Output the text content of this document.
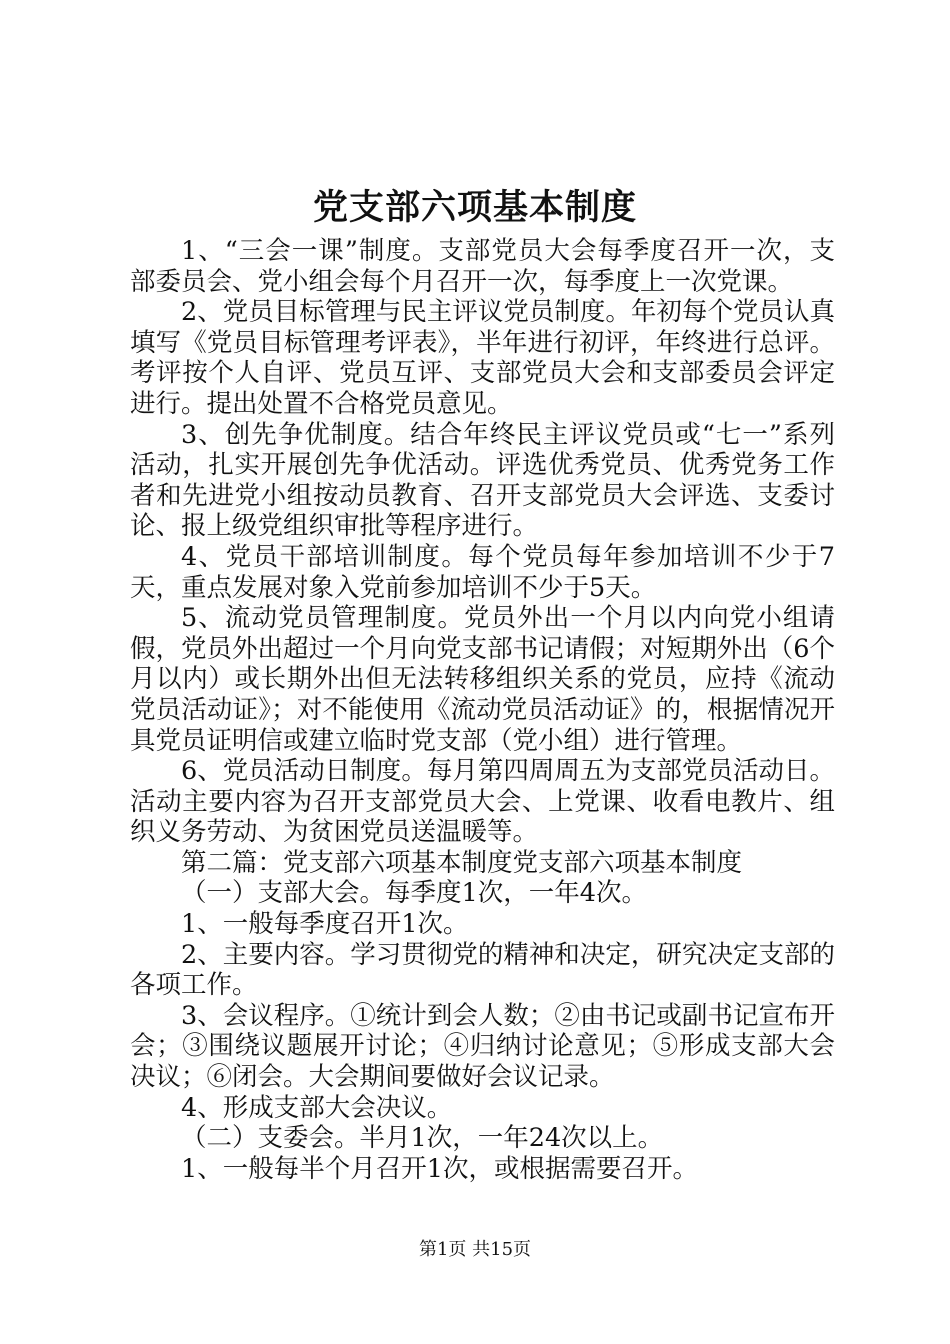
党支部六项基本制度

1、“三会一课”制度。支部党员大会每季度召开一次，支部委员会、党小组会每个月召开一次，每季度上一次党课。

2、党员目标管理与民主评议党员制度。年初每个党员认真填写《党员目标管理考评表》，半年进行初评，年终进行总评。考评按个人自评、党员互评、支部党员大会和支部委员会评定进行。提出处置不合格党员意见。

3、创先争优制度。结合年终民主评议党员或“七一”系列活动，扎实开展创先争优活动。评选优秀党员、优秀党务工作者和先进党小组按动员教育、召开支部党员大会评选、支委讨论、报上级党组织审批等程序进行。

4、党员干部培训制度。每个党员每年参加培训不少于7天，重点发展对象入党前参加培训不少于5天。

5、流动党员管理制度。党员外出一个月以内向党小组请假，党员外出超过一个月向党支部书记请假；对短期外出（6个月以内）或长期外出但无法转移组织关系的党员，应持《流动党员活动证》；对不能使用《流动党员活动证》的，根据情况开具党员证明信或建立临时党支部（党小组）进行管理。

6、党员活动日制度。每月第四周周五为支部党员活动日。活动主要内容为召开支部党员大会、上党课、收看电教片、组织义务劳动、为贫困党员送温暖等。

第二篇：党支部六项基本制度党支部六项基本制度

（一）支部大会。每季度1次，一年4次。

1、一般每季度召开1次。

2、主要内容。学习贯彻党的精神和决定，研究决定支部的各项工作。

3、会议程序。①统计到会人数；②由书记或副书记宣布开会；③围绕议题展开讨论；④归纳讨论意见；⑤形成支部大会决议；⑥闭会。大会期间要做好会议记录。

4、形成支部大会决议。

（二）支委会。半月1次，一年24次以上。

1、一般每半个月召开1次，或根据需要召开。

第1页 共15页
